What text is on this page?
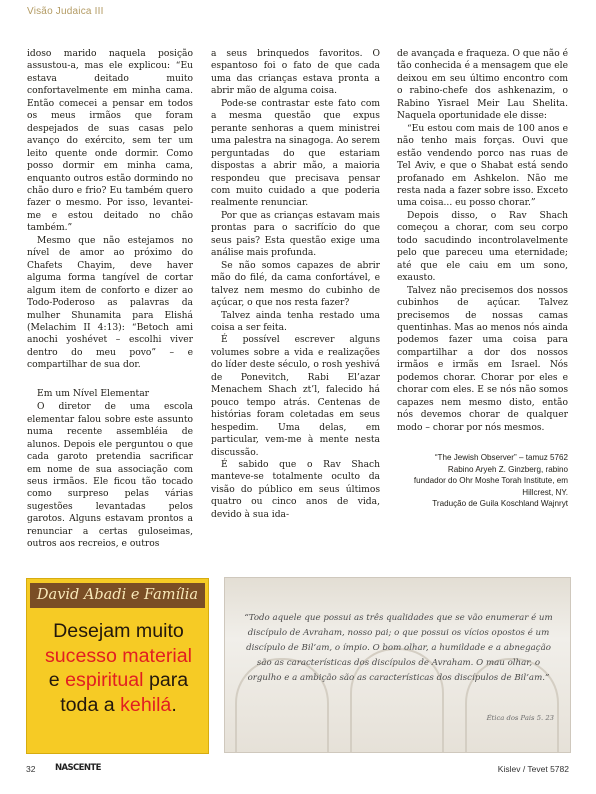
Visão Judaica III

idoso marido naquela posição assustou-a, mas ele explicou: “Eu estava deitado muito confortavelmente em minha cama. Então comecei a pensar em todos os meus irmãos que foram despejados de suas casas pelo avanço do exército, sem ter um leito quente onde dormir. Como posso dormir em minha cama, enquanto outros estão dormindo no chão duro e frio? Eu também quero fazer o mesmo. Por isso, levantei-me e estou deitado no chão também.”

Mesmo que não estejamos no nível de amor ao próximo do Chafets Chayim, deve haver alguma forma tangível de cortar algum item de conforto e dizer ao Todo-Poderoso as palavras da mulher Shunamita para Elishá (Melachim II 4:13): “Betoch ami anochi yoshévet – escolhi viver dentro do meu povo” – e compartilhar de sua dor.

Em um Nível Elementar

O diretor de uma escola elementar falou sobre este assunto numa recente assembléia de alunos. Depois ele perguntou o que cada garoto pretendia sacrificar em nome de sua associação com seus irmãos. Ele ficou tão tocado como surpreso pelas várias sugestões levantadas pelos garotos. Alguns estavam prontos a renunciar a certas guloseimas, outros aos recreios, e outros

a seus brinquedos favoritos. O espantoso foi o fato de que cada uma das crianças estava pronta a abrir mão de alguma coisa.

Pode-se contrastar este fato com a mesma questão que expus perante senhoras a quem ministrei uma palestra na sinagoga. Ao serem perguntadas do que estariam dispostas a abrir mão, a maioria respondeu que precisava pensar com muito cuidado a que poderia realmente renunciar.

Por que as crianças estavam mais prontas para o sacrifício do que seus pais? Esta questão exige uma análise mais profunda.

Se não somos capazes de abrir mão do filé, da cama confortável, e talvez nem mesmo do cubinho de açúcar, o que nos resta fazer?

Talvez ainda tenha restado uma coisa a ser feita.

É possível escrever alguns volumes sobre a vida e realizações do líder deste século, o rosh yeshivá de Ponevitch, Rabi El’azar Menachem Shach zt’l, falecido há pouco tempo atrás. Centenas de histórias foram coletadas em seus hespedim. Uma delas, em particular, vem-me à mente nesta discussão.

É sabido que o Rav Shach manteve-se totalmente oculto da visão do público em seus últimos quatro ou cinco anos de vida, devido à sua ida-

de avançada e fraqueza. O que não é tão conhecida é a mensagem que ele deixou em seu último encontro com o rabino-chefe dos ashkenazim, o Rabino Yisrael Meir Lau Shelita. Naquela oportunidade ele disse:

“Eu estou com mais de 100 anos e não tenho mais forças. Ouvi que estão vendendo porco nas ruas de Tel Aviv, e que o Shabat está sendo profanado em Ashkelon. Não me resta nada a fazer sobre isso. Exceto uma coisa... eu posso chorar.”

Depois disso, o Rav Shach começou a chorar, com seu corpo todo sacudindo incontrolavelmente pelo que pareceu uma eternidade; até que ele caiu em um sono, exausto.

Talvez não precisemos dos nossos cubinhos de açúcar. Talvez precisemos de nossas camas quentinhas. Mas ao menos nós ainda podemos fazer uma coisa para compartilhar a dor dos nossos irmãos e irmãs em Israel. Nós podemos chorar. Chorar por eles e chorar com eles. E se nós não somos capazes nem mesmo disto, então nós devemos chorar de qualquer modo – chorar por nós mesmos.

“The Jewish Observer” – tamuz 5762
Rabino Aryeh Z. Ginzberg, rabino
fundador do Ohr Moshe Torah Institute, em
Hillcrest, NY.
Tradução de Guila Koschland Wajnryt
David Abadi e Família
Desejam muito
sucesso material
e espiritual para
toda a kehilá.
“Todo aquele que possui as três qualidades que se vão enumerar é um discípulo de Avraham, nosso pai; o que possui os vícios opostos é um discípulo de Bil’am, o ímpio. O bom olhar, a humildade e a abnegação são as características dos discípulos de Avraham. O mau olhar, o orgulho e a ambição são as características dos discípulos de Bil’am.”
Ética dos Pais 5. 23
32 NASCENTE	Kislev / Tevet 5782
